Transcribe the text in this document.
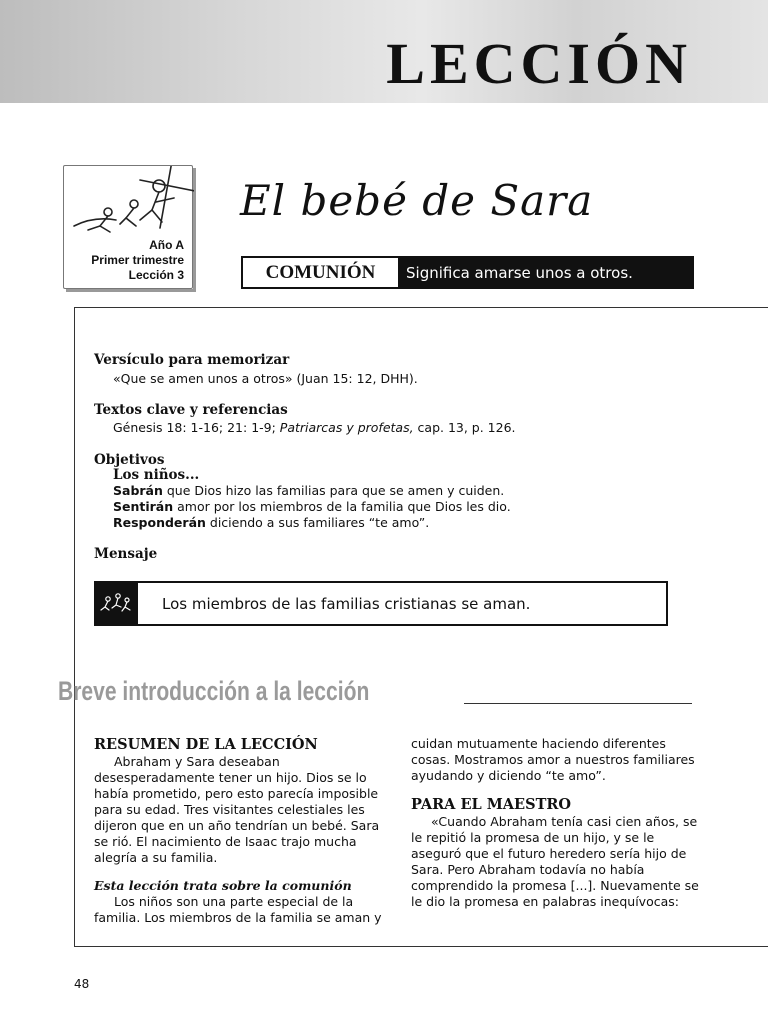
LECCIÓN
Año A
Primer trimestre
Lección 3
El bebé de Sara
COMUNIÓN	Significa amarse unos a otros.
Versículo para memorizar
«Que se amen unos a otros» (Juan 15: 12, DHH).
Textos clave y referencias
Génesis 18: 1-16; 21: 1-9; Patriarcas y profetas, cap. 13, p. 126.
Objetivos
Los niños...
Sabrán que Dios hizo las familias para que se amen y cuiden.
Sentirán amor por los miembros de la familia que Dios les dio.
Responderán diciendo a sus familiares “te amo”.
Mensaje
Los miembros de las familias cristianas se aman.
Breve introducción a la lección
RESUMEN DE LA LECCIÓN

Abraham y Sara deseaban desesperadamente tener un hijo. Dios se lo había prometido, pero esto parecía imposible para su edad. Tres visitantes celestiales les dijeron que en un año tendrían un bebé. Sara se rió. El nacimiento de Isaac trajo mucha alegría a su familia.

Esta lección trata sobre la comunión

Los niños son una parte especial de la familia. Los miembros de la familia se aman y

cuidan mutuamente haciendo diferentes cosas. Mostramos amor a nuestros familiares ayudando y diciendo “te amo”.

PARA EL MAESTRO

«Cuando Abraham tenía casi cien años, se le repitió la promesa de un hijo, y se le aseguró que el futuro heredero sería hijo de Sara. Pero Abraham todavía no había comprendido la promesa [...]. Nuevamente se le dio la promesa en palabras inequívocas:

48
